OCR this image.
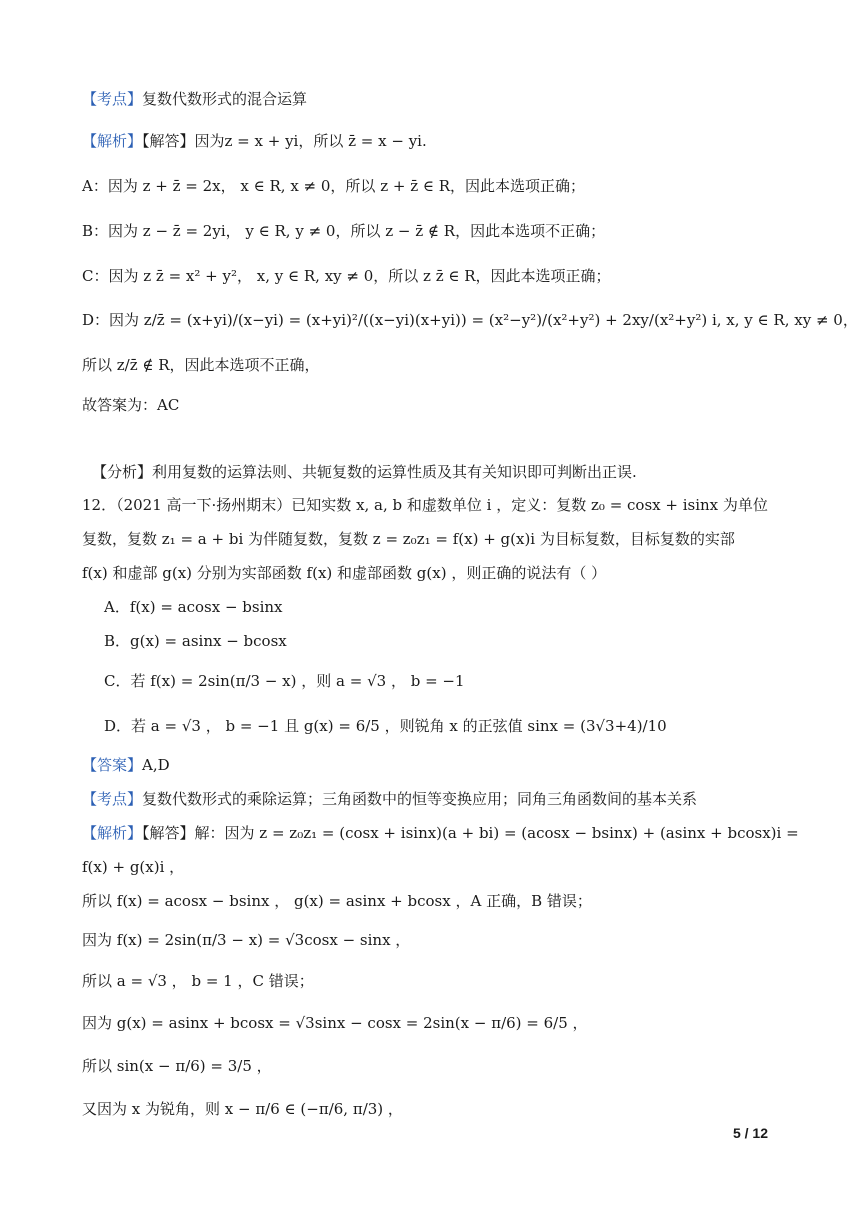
【考点】复数代数形式的混合运算
【解析】【解答】因为z = x + yi，所以 z̄ = x − yi.
A：因为 z + z̄ = 2x， x ∈ R, x ≠ 0，所以 z + z̄ ∈ R，因此本选项正确；
B：因为 z − z̄ = 2yi， y ∈ R, y ≠ 0，所以 z − z̄ ∉ R，因此本选项不正确；
C：因为 z z̄ = x² + y²， x, y ∈ R, xy ≠ 0，所以 z z̄ ∈ R，因此本选项正确；
D：因为 z/z̄ = (x+yi)/(x−yi) = (x+yi)²/((x−yi)(x+yi)) = (x²−y²)/(x²+y²) + 2xy/(x²+y²) i, x, y ∈ R, xy ≠ 0，
所以 z/z̄ ∉ R，因此本选项不正确，
故答案为：AC
【分析】利用复数的运算法则、共轭复数的运算性质及其有关知识即可判断出正误.
12．（2021 高一下·扬州期末）已知实数 x, a, b 和虚数单位 i ，定义：复数 z₀ = cosx + isinx 为单位
复数，复数 z₁ = a + bi 为伴随复数，复数 z = z₀z₁ = f(x) + g(x)i 为目标复数，目标复数的实部
f(x) 和虚部 g(x) 分别为实部函数 f(x) 和虚部函数 g(x) ，则正确的说法有（ ）
A．f(x) = acosx − bsinx
B．g(x) = asinx − bcosx
C．若 f(x) = 2sin(π/3 − x) ，则 a = √3 ， b = −1
D．若 a = √3 ， b = −1 且 g(x) = 6/5 ，则锐角 x 的正弦值 sinx = (3√3+4)/10
【答案】A,D
【考点】复数代数形式的乘除运算；三角函数中的恒等变换应用；同角三角函数间的基本关系
【解析】【解答】解：因为 z = z₀z₁ = (cosx + isinx)(a + bi) = (acosx − bsinx) + (asinx + bcosx)i =
f(x) + g(x)i ，
所以 f(x) = acosx − bsinx ， g(x) = asinx + bcosx ，A 正确，B 错误；
因为 f(x) = 2sin(π/3 − x) = √3cosx − sinx ，
所以 a = √3 ， b = 1 ，C 错误；
因为 g(x) = asinx + bcosx = √3sinx − cosx = 2sin(x − π/6) = 6/5 ，
所以 sin(x − π/6) = 3/5 ，
又因为 x 为锐角，则 x − π/6 ∈ (−π/6, π/3) ，
5 / 12
